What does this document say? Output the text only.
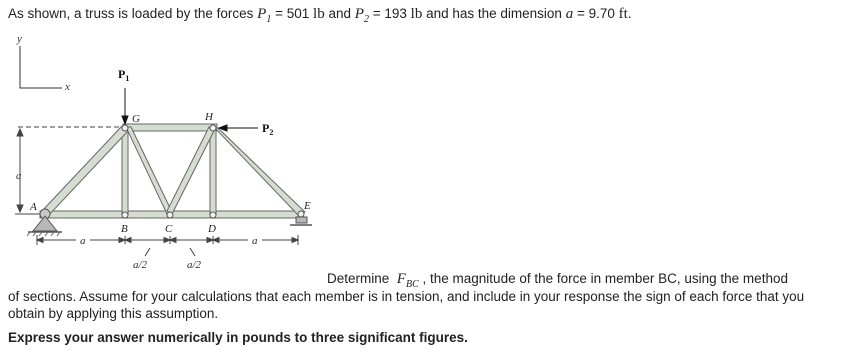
As shown, a truss is loaded by the forces $P_1 = 501$ lb and $P_2 = 193$ lb and has the dimension a = 9.70 ft.
y
x
a
$P_1$
$P_2$
G	H
A
B	C	D
E
a	a
a/2	a/2
Determine $F_{BC}$ , the magnitude of the force in member BC, using the method
of sections. Assume for your calculations that each member is in tension, and include in your response the sign of each force that you obtain by applying this assumption.
Express your answer numerically in pounds to three significant figures.
